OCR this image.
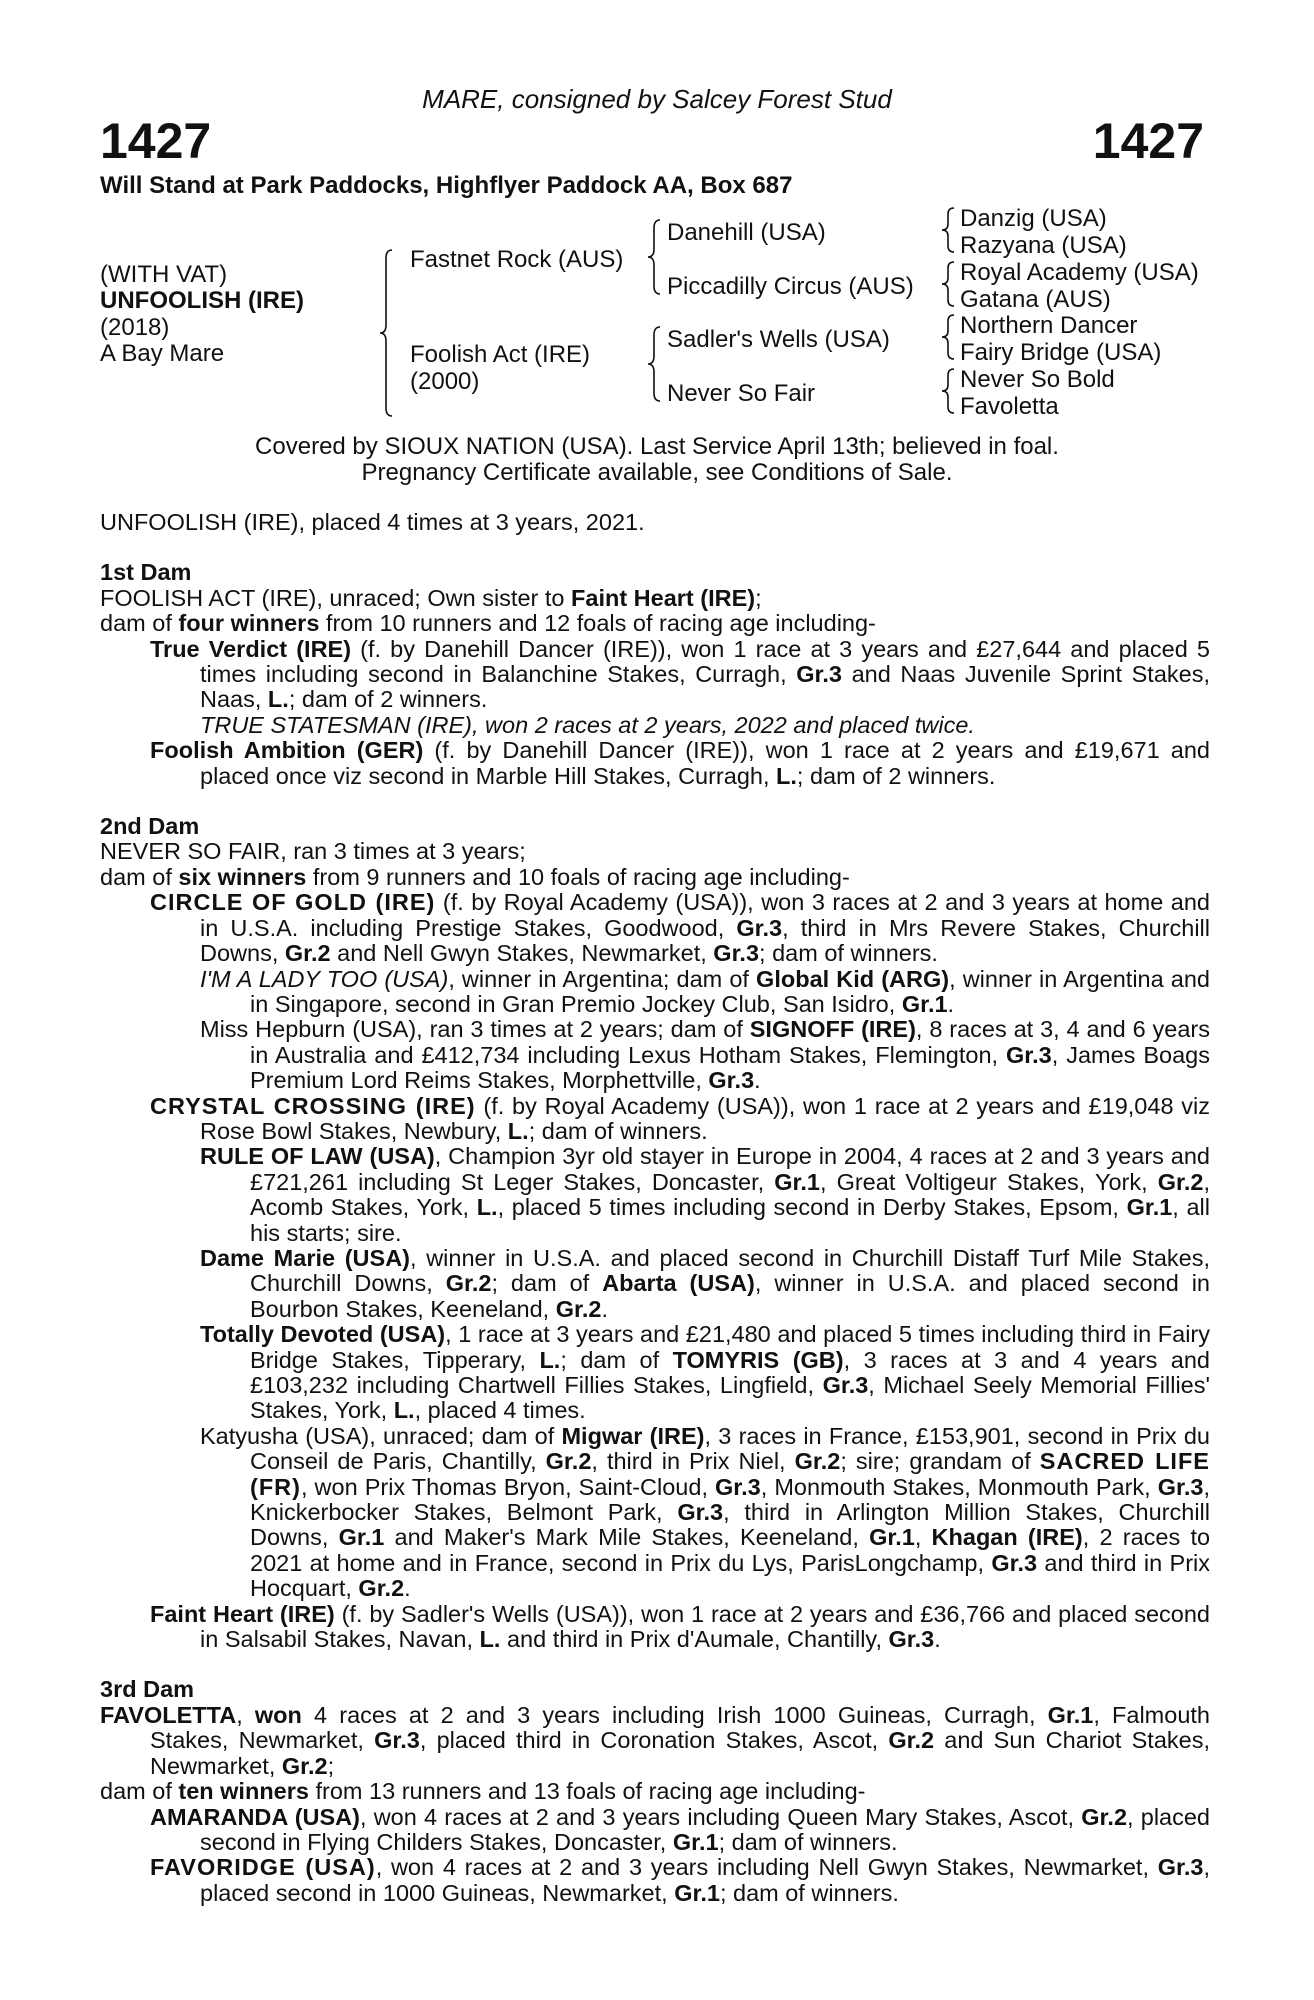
MARE, consigned by Salcey Forest Stud
1427	1427
Will Stand at Park Paddocks, Highflyer Paddock AA, Box 687
(WITH VAT)
UNFOOLISH (IRE)
(2018)
A Bay Mare
Fastnet Rock (AUS)
Foolish Act (IRE)
(2000)
Danehill (USA)
Piccadilly Circus (AUS)
Sadler's Wells (USA)
Never So Fair
Danzig (USA)
Razyana (USA)
Royal Academy (USA)
Gatana (AUS)
Northern Dancer
Fairy Bridge (USA)
Never So Bold
Favoletta
Covered by SIOUX NATION (USA). Last Service April 13th; believed in foal.
Pregnancy Certificate available, see Conditions of Sale.

UNFOOLISH (IRE), placed 4 times at 3 years, 2021.

1st Dam

FOOLISH ACT (IRE), unraced; Own sister to Faint Heart (IRE);

dam of four winners from 10 runners and 12 foals of racing age including-

True Verdict (IRE) (f. by Danehill Dancer (IRE)), won 1 race at 3 years and £27,644 and placed 5 times including second in Balanchine Stakes, Curragh, Gr.3 and Naas Juvenile Sprint Stakes, Naas, L.; dam of 2 winners.

TRUE STATESMAN (IRE), won 2 races at 2 years, 2022 and placed twice.

Foolish Ambition (GER) (f. by Danehill Dancer (IRE)), won 1 race at 2 years and £19,671 and placed once viz second in Marble Hill Stakes, Curragh, L.; dam of 2 winners.

2nd Dam

NEVER SO FAIR, ran 3 times at 3 years;

dam of six winners from 9 runners and 10 foals of racing age including-

CIRCLE OF GOLD (IRE) (f. by Royal Academy (USA)), won 3 races at 2 and 3 years at home and in U.S.A. including Prestige Stakes, Goodwood, Gr.3, third in Mrs Revere Stakes, Churchill Downs, Gr.2 and Nell Gwyn Stakes, Newmarket, Gr.3; dam of winners.

I'M A LADY TOO (USA), winner in Argentina; dam of Global Kid (ARG), winner in Argentina and in Singapore, second in Gran Premio Jockey Club, San Isidro, Gr.1.

Miss Hepburn (USA), ran 3 times at 2 years; dam of SIGNOFF (IRE), 8 races at 3, 4 and 6 years in Australia and £412,734 including Lexus Hotham Stakes, Flemington, Gr.3, James Boags Premium Lord Reims Stakes, Morphettville, Gr.3.

CRYSTAL CROSSING (IRE) (f. by Royal Academy (USA)), won 1 race at 2 years and £19,048 viz Rose Bowl Stakes, Newbury, L.; dam of winners.

RULE OF LAW (USA), Champion 3yr old stayer in Europe in 2004, 4 races at 2 and 3 years and £721,261 including St Leger Stakes, Doncaster, Gr.1, Great Voltigeur Stakes, York, Gr.2, Acomb Stakes, York, L., placed 5 times including second in Derby Stakes, Epsom, Gr.1, all his starts; sire.

Dame Marie (USA), winner in U.S.A. and placed second in Churchill Distaff Turf Mile Stakes, Churchill Downs, Gr.2; dam of Abarta (USA), winner in U.S.A. and placed second in Bourbon Stakes, Keeneland, Gr.2.

Totally Devoted (USA), 1 race at 3 years and £21,480 and placed 5 times including third in Fairy Bridge Stakes, Tipperary, L.; dam of TOMYRIS (GB), 3 races at 3 and 4 years and £103,232 including Chartwell Fillies Stakes, Lingfield, Gr.3, Michael Seely Memorial Fillies' Stakes, York, L., placed 4 times.

Katyusha (USA), unraced; dam of Migwar (IRE), 3 races in France, £153,901, second in Prix du Conseil de Paris, Chantilly, Gr.2, third in Prix Niel, Gr.2; sire; grandam of SACRED LIFE (FR), won Prix Thomas Bryon, Saint-Cloud, Gr.3, Monmouth Stakes, Monmouth Park, Gr.3, Knickerbocker Stakes, Belmont Park, Gr.3, third in Arlington Million Stakes, Churchill Downs, Gr.1 and Maker's Mark Mile Stakes, Keeneland, Gr.1, Khagan (IRE), 2 races to 2021 at home and in France, second in Prix du Lys, ParisLongchamp, Gr.3 and third in Prix Hocquart, Gr.2.

Faint Heart (IRE) (f. by Sadler's Wells (USA)), won 1 race at 2 years and £36,766 and placed second in Salsabil Stakes, Navan, L. and third in Prix d'Aumale, Chantilly, Gr.3.

3rd Dam

FAVOLETTA, won 4 races at 2 and 3 years including Irish 1000 Guineas, Curragh, Gr.1, Falmouth Stakes, Newmarket, Gr.3, placed third in Coronation Stakes, Ascot, Gr.2 and Sun Chariot Stakes, Newmarket, Gr.2;

dam of ten winners from 13 runners and 13 foals of racing age including-

AMARANDA (USA), won 4 races at 2 and 3 years including Queen Mary Stakes, Ascot, Gr.2, placed second in Flying Childers Stakes, Doncaster, Gr.1; dam of winners.

FAVORIDGE (USA), won 4 races at 2 and 3 years including Nell Gwyn Stakes, Newmarket, Gr.3, placed second in 1000 Guineas, Newmarket, Gr.1; dam of winners.
